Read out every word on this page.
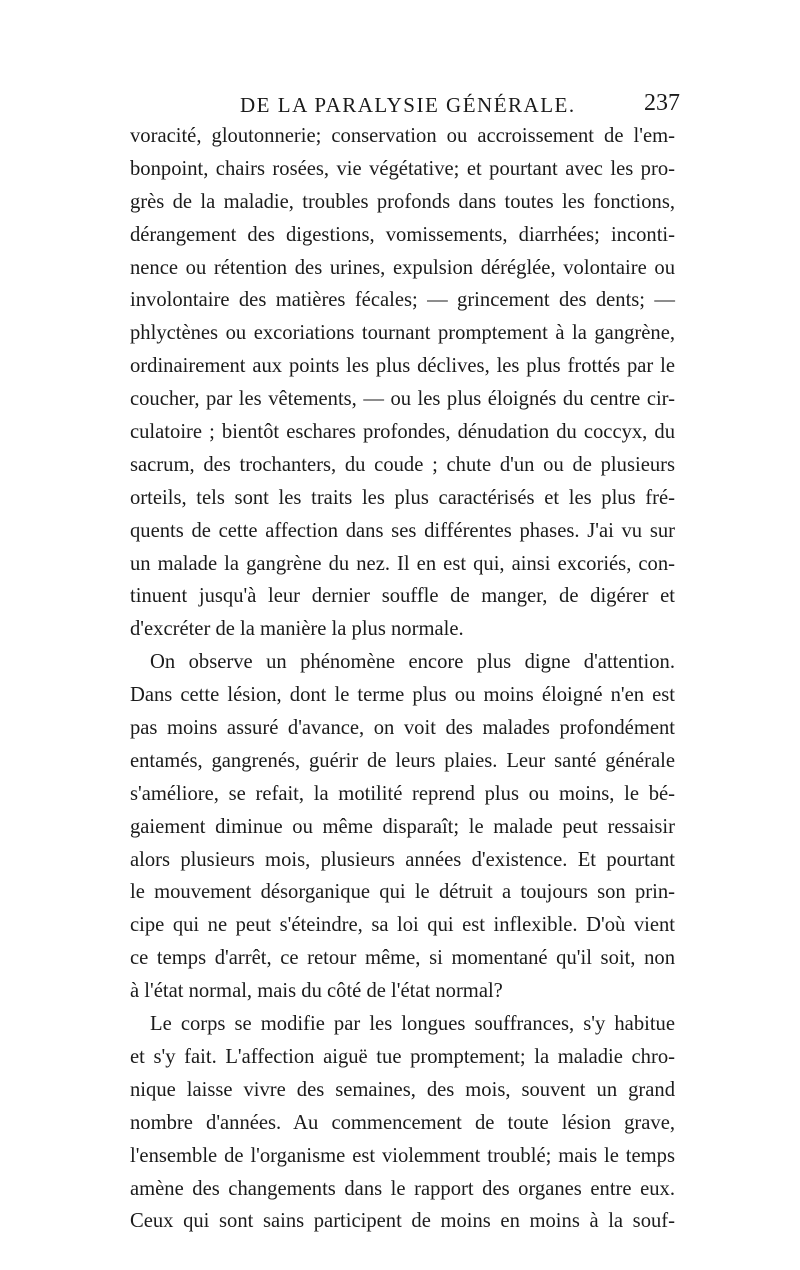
DE LA PARALYSIE GÉNÉRALE.	237
voracité, gloutonnerie; conservation ou accroissement de l'em-
bonpoint, chairs rosées, vie végétative; et pourtant avec les pro-
grès de la maladie, troubles profonds dans toutes les fonctions,
dérangement des digestions, vomissements, diarrhées; inconti-
nence ou rétention des urines, expulsion déréglée, volontaire ou
involontaire des matières fécales; — grincement des dents; —
phlyctènes ou excoriations tournant promptement à la gangrène,
ordinairement aux points les plus déclives, les plus frottés par le
coucher, par les vêtements, — ou les plus éloignés du centre cir-
culatoire ; bientôt eschares profondes, dénudation du coccyx, du
sacrum, des trochanters, du coude ; chute d'un ou de plusieurs
orteils, tels sont les traits les plus caractérisés et les plus fré-
quents de cette affection dans ses différentes phases. J'ai vu sur
un malade la gangrène du nez. Il en est qui, ainsi excoriés, con-
tinuent jusqu'à leur dernier souffle de manger, de digérer et
d'excréter de la manière la plus normale.
On observe un phénomène encore plus digne d'attention.
Dans cette lésion, dont le terme plus ou moins éloigné n'en est
pas moins assuré d'avance, on voit des malades profondément
entamés, gangrenés, guérir de leurs plaies. Leur santé générale
s'améliore, se refait, la motilité reprend plus ou moins, le bé-
gaiement diminue ou même disparaît; le malade peut ressaisir
alors plusieurs mois, plusieurs années d'existence. Et pourtant
le mouvement désorganique qui le détruit a toujours son prin-
cipe qui ne peut s'éteindre, sa loi qui est inflexible. D'où vient
ce temps d'arrêt, ce retour même, si momentané qu'il soit, non
à l'état normal, mais du côté de l'état normal?
Le corps se modifie par les longues souffrances, s'y habitue
et s'y fait. L'affection aiguë tue promptement; la maladie chro-
nique laisse vivre des semaines, des mois, souvent un grand
nombre d'années. Au commencement de toute lésion grave,
l'ensemble de l'organisme est violemment troublé; mais le temps
amène des changements dans le rapport des organes entre eux.
Ceux qui sont sains participent de moins en moins à la souf-
